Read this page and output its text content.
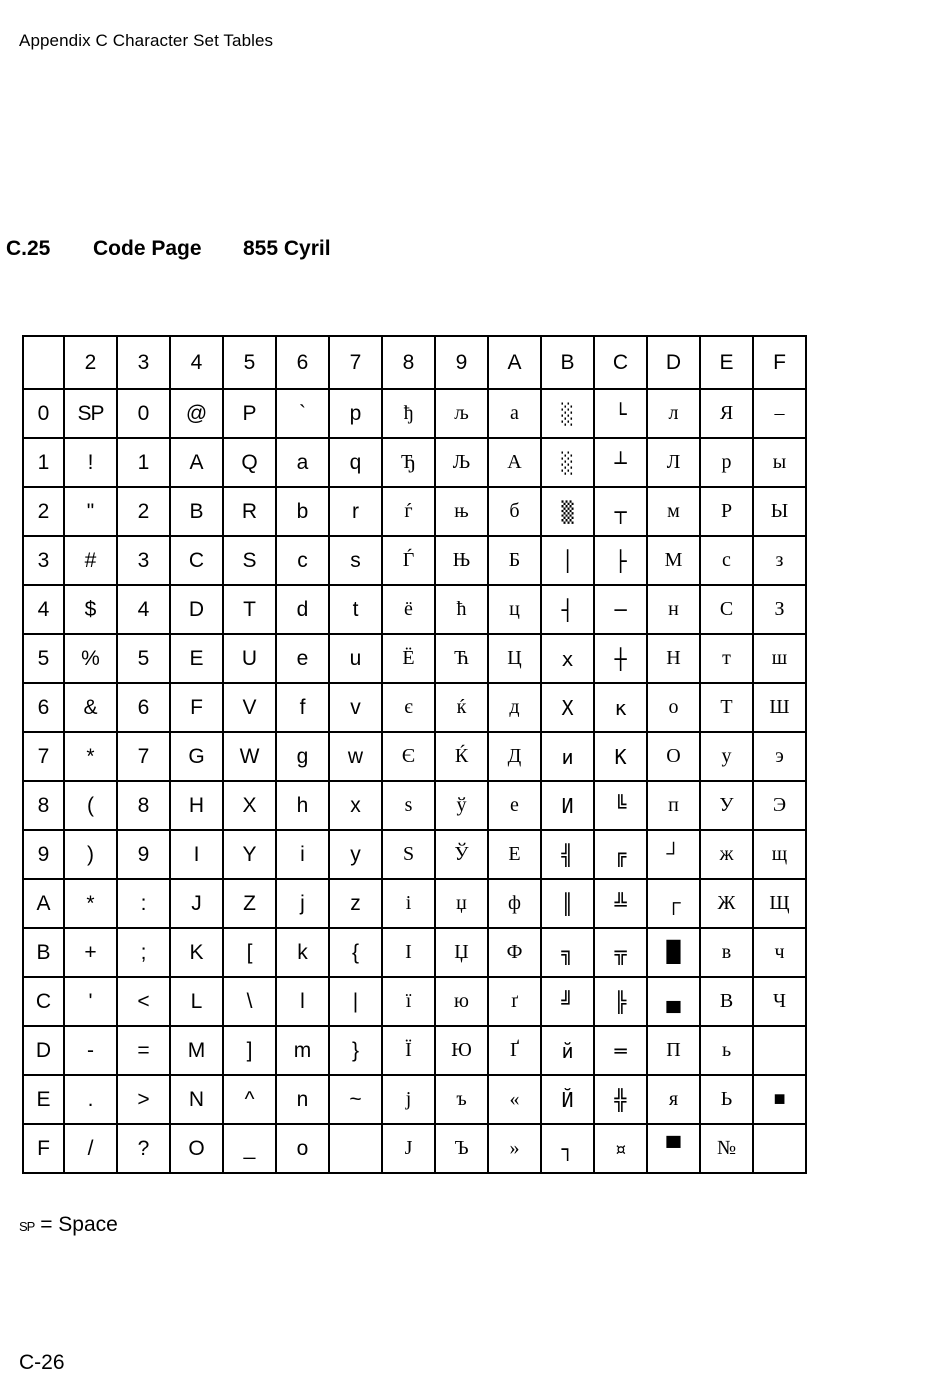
Appendix C Character Set Tables
C.25 Code Page 855 Cyril
	2	3	4	5	6	7	8	9	A	B	C	D	E	F
0	SP	0	@	P	`	p	ђ	љ	а	░	└	л	Я	–
1	!	1	A	Q	a	q	Ђ	Љ	А	░	┴	Л	р	ы
2	"	2	B	R	b	r	ѓ	њ	б	▒	┬	м	Р	Ы
3	#	3	C	S	c	s	Ѓ	Њ	Б	│	├	М	с	з
4	$	4	D	T	d	t	ё	ћ	ц	┤	─	н	С	З
5	%	5	E	U	e	u	Ё	Ћ	Ц	х	┼	Н	т	ш
6	&	6	F	V	f	v	є	ќ	д	Х	к	о	Т	Ш
7	*	7	G	W	g	w	Є	Ќ	Д	и	К	О	у	э
8	(	8	H	X	h	x	ѕ	ў	е	И	╚	п	У	Э
9	)	9	I	Y	i	y	Ѕ	Ў	Е	╣	╔	┘	ж	щ
A	*	:	J	Z	j	z	і	џ	ф	║	╩	┌	Ж	Щ
B	+	;	K	[	k	{	І	Џ	Ф	╗	╦	█	в	ч
C	'	<	L	\	l	|	ї	ю	ґ	╝	╠	▄	В	Ч
D	-	=	M	]	m	}	Ї	Ю	Ґ	й	═	П	ь	
E	.	>	N	^	n	~	ј	ъ	«	Й	╬	я	Ь	■
F	/	?	O	_	o		Ј	Ъ	»	┐	¤	▀	№	
SP = Space
C-26
